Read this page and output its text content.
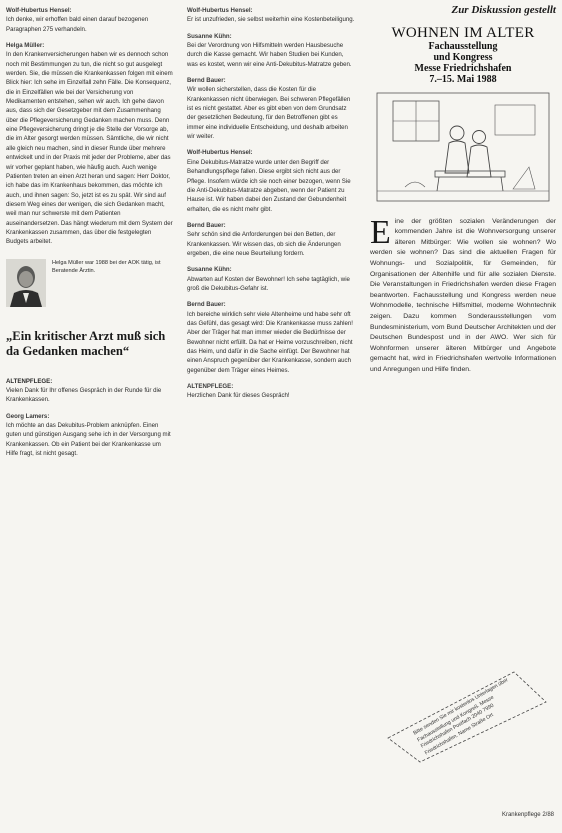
Wolf-Hubertus Hensel:
Ich denke, wir erhoffen bald einen darauf bezogenen Paragraphen 275 verhandeln.
Helga Müller:
In den Krankenversicherungen haben wir es dennoch schon noch mit Bestimmungen zu tun, die nicht so gut ausgelegt werden. Sie, die müssen die Krankenkassen folgen mit einem Blick hier: Ich sehe im Einzelfall zehn Fälle. Die Konsequenz, die in Einzelfällen wie bei der Versicherung von Medikamenten entstehen, sehen wir auch. Ich gehe davon aus, dass sich der Gesetzgeber mit dem Zusammenhang über die Pflegeversicherung Gedanken machen muss. Denn eine Pflegeversicherung dringt je die Stelle der Vorsorge ab, die im Alter gesorgt werden müssen. Sämtliche, die wir nicht alle gleich neu machen, sind in dieser Runde über mehrere entwickelt und in der Praxis mit jeder der Probleme, aber das wir vorher geplant haben, wie häufig auch. Auch wenige Patienten treten an einen Arzt heran und sagen: Herr Doktor, ich habe das im Krankenhaus bekommen, das möchte ich auch, und ihnen sagen: So, jetzt ist es zu spät. Wir sind auf diesem Weg eines der wenigen, die sich Gedanken macht, weil man nur schwerste mit dem Patienten auseinandersetzen. Das hängt wiederum mit dem System der Krankenkassen zusammen, das über die festgelegten Budgets arbeitet.
Helga Müller war 1988 bei der AOK tätig, ist Beratende Ärztin.
„Ein kritischer Arzt muß sich da Gedanken machen“
ALTENPFLEGE:
Vielen Dank für Ihr offenes Gespräch in der Runde für die Krankenkassen.
Georg Lamers:
Ich möchte an das Dekubitus-Problem anknüpfen. Einen guten und günstigen Ausgang sehe ich in der Versorgung mit Krankenkassen. Ob ein Patient bei der Krankenkasse um Hilfe fragt, ist nicht gesagt.
Wolf-Hubertus Hensel:
Er ist unzufrieden, sie selbst weiterhin eine Kostenbeteiligung.
Susanne Kühn:
Bei der Verordnung von Hilfsmitteln werden Hausbesuche durch die Kasse gemacht. Wir haben Studien bei Kunden, was es kostet, wenn wir eine Anti-Dekubitus-Matratze geben.
Bernd Bauer:
Wir wollen sicherstellen, dass die Kosten für die Krankenkassen nicht überwiegen. Bei schweren Pflegefällen ist es nicht gestattet. Aber es gibt eben von dem Grundsatz der gesetzlichen Bedeutung, für den Betroffenen gibt es immer eine individuelle Entscheidung, und deshalb arbeiten wir weiter.
Wolf-Hubertus Hensel:
Eine Dekubitus-Matratze wurde unter den Begriff der Behandlungspflege fallen. Diese ergibt sich nicht aus der Pflege. Insofern würde ich sie noch einer bezogen, wenn Sie die Anti-Dekubitus-Matratze abgeben, wenn der Patient zu Hause ist. Wir haben dabei den Zustand der Gebundenheit erhalten, die es nicht mehr gibt.
Bernd Bauer:
Sehr schön sind die Anforderungen bei den Betten, der Krankenkassen. Wir wissen das, ob sich die Änderungen ergeben, die eine neue Beurteilung fordern.
Susanne Kühn:
Abwarten auf Kosten der Bewohner! Ich sehe tagtäglich, wie groß die Dekubitus-Gefahr ist.
Bernd Bauer:
Ich bereiche wirklich sehr viele Altenheime und habe sehr oft das Gefühl, das gesagt wird: Die Krankenkasse muss zahlen! Aber der Träger hat man immer wieder die Bedürfnisse der Bewohner nicht erfüllt. Da hat er Heime vorzuschreiben, nicht das Heim, und dafür in die Sache einfügt. Der Bewohner hat einen Anspruch gegenüber der Krankenkasse, sondern auch gegenüber dem Träger eines Heimes.
ALTENPFLEGE:
Herzlichen Dank für dieses Gespräch!
Zur Diskussion gestellt
WOHNEN IM ALTER
Fachausstellung
und Kongress
Messe Friedrichshafen
7.–15. Mai 1988
E ine der größten sozialen Veränderungen der kommenden Jahre ist die Wohnversorgung unserer älteren Mitbürger: Wie wollen sie wohnen? Wo werden sie wohnen? Das sind die aktuellen Fragen für Wohnungs- und Sozialpolitik, für Gemeinden, für Organisationen der Altenhilfe und für alle sozialen Dienste. Die Veranstaltungen in Friedrichshafen werden diese Fragen beantworten. Fachausstellung und Kongress werden neue Wohnmodelle, technische Hilfsmittel, moderne Wohntechnik zeigen. Dazu kommen Sonderausstellungen vom Bundesministerium, vom Bund Deutscher Architekten und der Deutschen Bundespost und in der AWO. Wer sich für Wohnformen unserer älteren Mitbürger und Angebote gemacht hat, wird in Friedrichshafen wertvolle Informationen und Anregungen und Hilfe finden.
Bitte senden Sie mir kostenlos Unterlagen über Fachausstellung und Kongreß. Messe Friedrichshafen Postfach 2040 7990 Friedrichshafen. Name Straße Ort
Krankenpflege 2/88
